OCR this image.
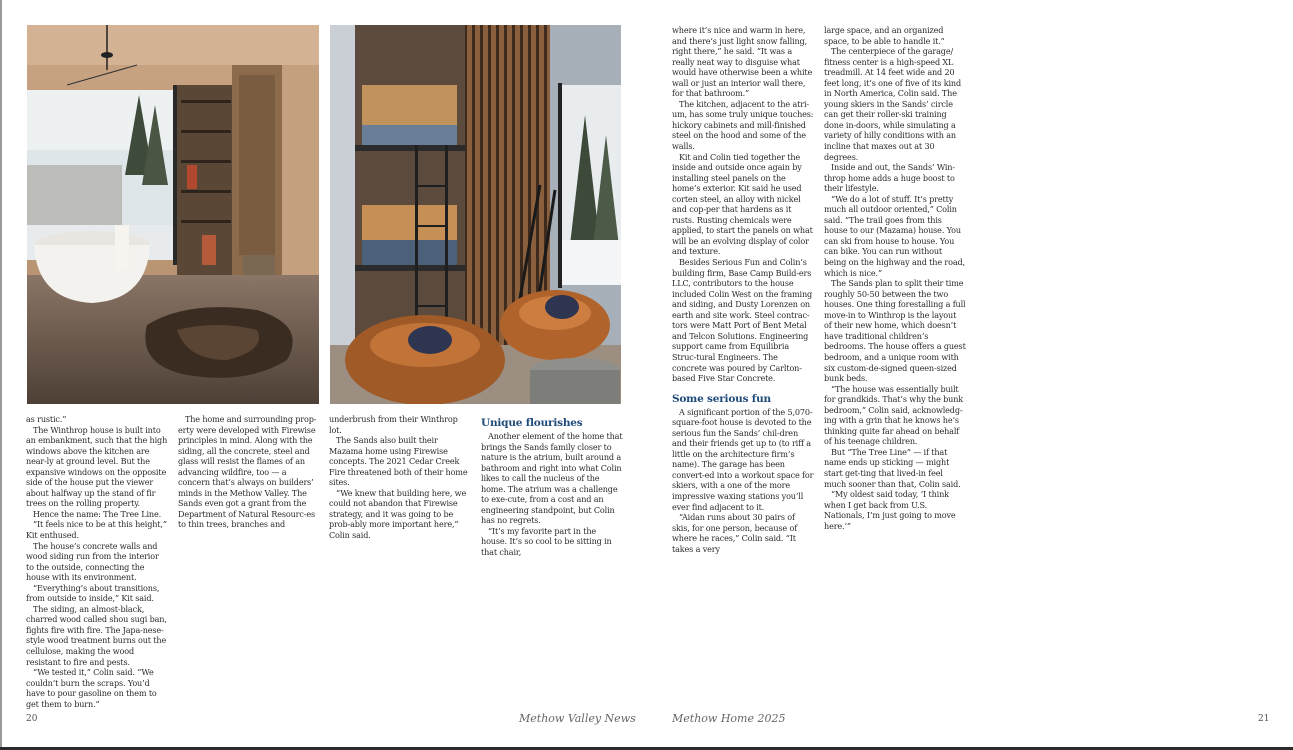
as rustic.”

The Winthrop house is built into an embankment, such that the high windows above the kitchen are near-ly at ground level. But the expansive windows on the opposite side of the house put the viewer about halfway up the stand of fir trees on the rolling property.

Hence the name: The Tree Line.

“It feels nice to be at this height,” Kit enthused.

The house’s concrete walls and wood siding run from the interior to the outside, connecting the house with its environment.

“Everything’s about transitions, from outside to inside,” Kit said.

The siding, an almost-black, charred wood called shou sugi ban, fights fire with fire. The Japa-nese-style wood treatment burns out the cellulose, making the wood resistant to fire and pests.

“We tested it,” Colin said. “We couldn’t burn the scraps. You’d have to pour gasoline on them to get them to burn.”

The home and surrounding prop-erty were developed with Firewise principles in mind. Along with the siding, all the concrete, steel and glass will resist the flames of an advancing wildfire, too — a concern that’s always on builders’ minds in the Methow Valley. The Sands even got a grant from the Department of Natural Resourc-es to thin trees, branches and

underbrush from their Winthrop lot.

The Sands also built their Mazama home using Firewise concepts. The 2021 Cedar Creek Fire threatened both of their home sites.

“We knew that building here, we could not abandon that Firewise strategy, and it was going to be prob-ably more important here,” Colin said.

Unique flourishes

Another element of the home that brings the Sands family closer to nature is the atrium, built around a bathroom and right into what Colin likes to call the nucleus of the home. The atrium was a challenge to exe-cute, from a cost and an engineering standpoint, but Colin has no regrets.

“It’s my favorite part in the house. It’s so cool to be sitting in that chair,

where it’s nice and warm in here, and there’s just light snow falling, right there,” he said. “It was a really neat way to disguise what would have otherwise been a white wall or just an interior wall there, for that bathroom.”

The kitchen, adjacent to the atri-um, has some truly unique touches: hickory cabinets and mill-finished steel on the hood and some of the walls.

Kit and Colin tied together the inside and outside once again by installing steel panels on the home’s exterior. Kit said he used corten steel, an alloy with nickel and cop-per that hardens as it rusts. Rusting chemicals were applied, to start the panels on what will be an evolving display of color and texture.

Besides Serious Fun and Colin’s building firm, Base Camp Build-ers LLC, contributors to the house included Colin West on the framing and siding, and Dusty Lorenzen on earth and site work. Steel contrac-tors were Matt Port of Bent Metal and Telcon Solutions. Engineering support came from Equilibria Struc-tural Engineers. The concrete was poured by Carlton-based Five Star Concrete.

Some serious fun

A significant portion of the 5,070-square-foot house is devoted to the serious fun the Sands’ chil-dren and their friends get up to (to riff a little on the architecture firm’s name). The garage has been convert-ed into a workout space for skiers, with a one of the more impressive waxing stations you’ll ever find adjacent to it.

“Aidan runs about 30 pairs of skis, for one person, because of where he races,” Colin said. “It takes a very

large space, and an organized space, to be able to handle it.”

The centerpiece of the garage/ fitness center is a high-speed XL treadmill. At 14 feet wide and 20 feet long, it’s one of five of its kind in North America, Colin said. The young skiers in the Sands’ circle can get their roller-ski training done in-doors, while simulating a variety of hilly conditions with an incline that maxes out at 30 degrees.

Inside and out, the Sands’ Win-throp home adds a huge boost to their lifestyle.

“We do a lot of stuff. It’s pretty much all outdoor oriented,” Colin said. “The trail goes from this house to our (Mazama) house. You can ski from house to house. You can bike. You can run without being on the highway and the road, which is nice.”

The Sands plan to split their time roughly 50-50 between the two houses. One thing forestalling a full move-in to Winthrop is the layout of their new home, which doesn’t have traditional children’s bedrooms. The house offers a guest bedroom, and a unique room with six custom-de-signed queen-sized bunk beds.

“The house was essentially built for grandkids. That’s why the bunk bedroom,” Colin said, acknowledg-ing with a grin that he knows he’s thinking quite far ahead on behalf of his teenage children.

But “The Tree Line” — if that name ends up sticking — might start get-ting that lived-in feel much sooner than that, Colin said.

“My oldest said today, ‘I think when I get back from U.S. Nationals, I’m just going to move here.’”

20	Methow Valley News	Methow Home 2025	21
